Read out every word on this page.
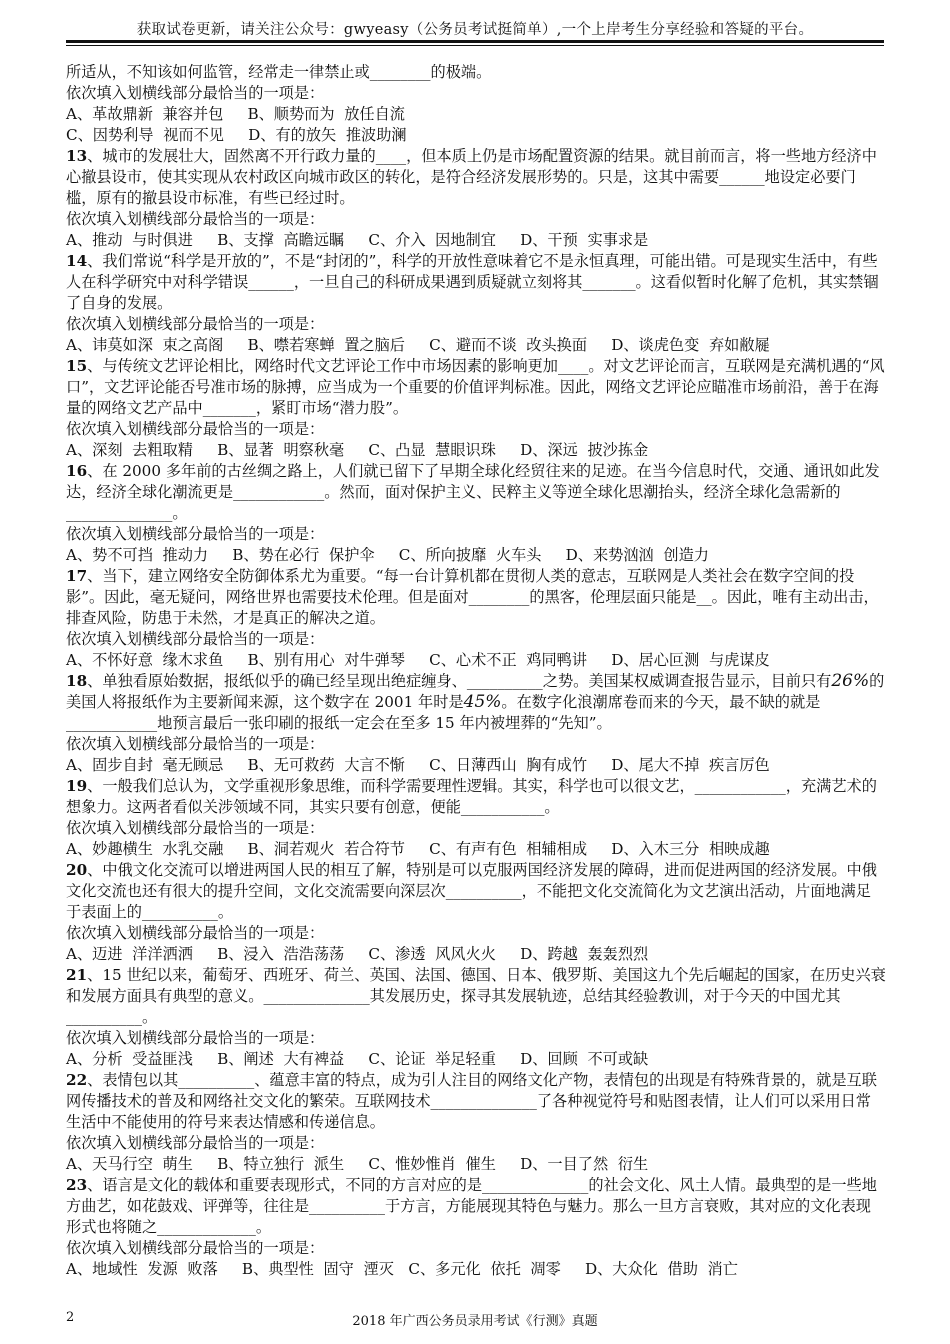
获取试卷更新，请关注公众号：gwyeasy（公务员考试挺简单）,一个上岸考生分享经验和答疑的平台。

所适从，不知该如何监管，经常走一律禁止或________的极端。

依次填入划横线部分最恰当的一项是：

A、革故鼎新  兼容并包     B、顺势而为  放任自流

C、因势利导  视而不见     D、有的放矢  推波助澜

13、城市的发展壮大，固然离不开行政力量的____，但本质上仍是市场配置资源的结果。就目前而言，将一些地方经济中心撤县设市，使其实现从农村政区向城市政区的转化，是符合经济发展形势的。只是，这其中需要______地设定必要门槛，原有的撤县设市标准，有些已经过时。

依次填入划横线部分最恰当的一项是：

A、推动  与时俱进     B、支撑  高瞻远瞩     C、介入  因地制宜     D、干预  实事求是

14、我们常说“科学是开放的”，不是“封闭的”，科学的开放性意味着它不是永恒真理，可能出错。可是现实生活中，有些人在科学研究中对科学错误______，一旦自己的科研成果遇到质疑就立刻将其_______。这看似暂时化解了危机，其实禁锢了自身的发展。

依次填入划横线部分最恰当的一项是：

A、讳莫如深  束之高阁     B、噤若寒蝉  置之脑后     C、避而不谈  改头换面     D、谈虎色变  弃如敝屣

15、与传统文艺评论相比，网络时代文艺评论工作中市场因素的影响更加____。对文艺评论而言，互联网是充满机遇的“风口”，文艺评论能否号准市场的脉搏，应当成为一个重要的价值评判标准。因此，网络文艺评论应瞄准市场前沿，善于在海量的网络文艺产品中_______，紧盯市场“潜力股”。

依次填入划横线部分最恰当的一项是：

A、深刻  去粗取精     B、显著  明察秋毫     C、凸显  慧眼识珠     D、深远  披沙拣金

16、在 2000 多年前的古丝绸之路上，人们就已留下了早期全球化经贸往来的足迹。在当今信息时代，交通、通讯如此发达，经济全球化潮流更是____________。然而，面对保护主义、民粹主义等逆全球化思潮抬头，经济全球化急需新的______________。

依次填入划横线部分最恰当的一项是：

A、势不可挡  推动力     B、势在必行  保护伞     C、所向披靡  火车头     D、来势汹汹  创造力

17、当下，建立网络安全防御体系尤为重要。“每一台计算机都在贯彻人类的意志，互联网是人类社会在数字空间的投影”。因此，毫无疑问，网络世界也需要技术伦理。但是面对________的黑客，伦理层面只能是__。因此，唯有主动出击，排查风险，防患于未然，才是真正的解决之道。

依次填入划横线部分最恰当的一项是：

A、不怀好意  缘木求鱼     B、别有用心  对牛弹琴     C、心术不正  鸡同鸭讲     D、居心叵测  与虎谋皮

18、单独看原始数据，报纸似乎的确已经呈现出绝症缠身、__________之势。美国某权威调查报告显示，目前只有26%的美国人将报纸作为主要新闻来源，这个数字在 2001 年时是45%。在数字化浪潮席卷而来的今天，最不缺的就是____________地预言最后一张印刷的报纸一定会在至多 15 年内被埋葬的“先知”。

依次填入划横线部分最恰当的一项是：

A、固步自封  毫无顾忌     B、无可救药  大言不惭     C、日薄西山  胸有成竹     D、尾大不掉  疾言厉色

19、一般我们总认为，文学重视形象思维，而科学需要理性逻辑。其实，科学也可以很文艺，____________，充满艺术的想象力。这两者看似关涉领域不同，其实只要有创意，便能___________。

依次填入划横线部分最恰当的一项是：

A、妙趣横生  水乳交融     B、洞若观火  若合符节     C、有声有色  相辅相成     D、入木三分  相映成趣

20、中俄文化交流可以增进两国人民的相互了解，特别是可以克服两国经济发展的障碍，进而促进两国的经济发展。中俄文化交流也还有很大的提升空间，文化交流需要向深层次__________，不能把文化交流简化为文艺演出活动，片面地满足于表面上的__________。

依次填入划横线部分最恰当的一项是：

A、迈进  洋洋洒洒     B、浸入  浩浩荡荡     C、渗透  风风火火     D、跨越  轰轰烈烈

21、15 世纪以来，葡萄牙、西班牙、荷兰、英国、法国、德国、日本、俄罗斯、美国这九个先后崛起的国家，在历史兴衰和发展方面具有典型的意义。______________其发展历史，探寻其发展轨迹，总结其经验教训，对于今天的中国尤其__________。

依次填入划横线部分最恰当的一项是：

A、分析  受益匪浅     B、阐述  大有裨益     C、论证  举足轻重     D、回顾  不可或缺

22、表情包以其__________、蕴意丰富的特点，成为引人注目的网络文化产物，表情包的出现是有特殊背景的，就是互联网传播技术的普及和网络社交文化的繁荣。互联网技术______________了各种视觉符号和贴图表情，让人们可以采用日常生活中不能使用的符号来表达情感和传递信息。

依次填入划横线部分最恰当的一项是：

A、天马行空  萌生     B、特立独行  派生     C、惟妙惟肖  催生     D、一目了然  衍生

23、语言是文化的载体和重要表现形式，不同的方言对应的是______________的社会文化、风土人情。最典型的是一些地方曲艺，如花鼓戏、评弹等，往往是__________于方言，方能展现其特色与魅力。那么一旦方言衰败，其对应的文化表现形式也将随之_____________。

依次填入划横线部分最恰当的一项是：

A、地域性  发源  败落     B、典型性  固守  湮灭   C、多元化  依托  凋零     D、大众化  借助  消亡

2018 年广西公务员录用考试《行测》真题
2
